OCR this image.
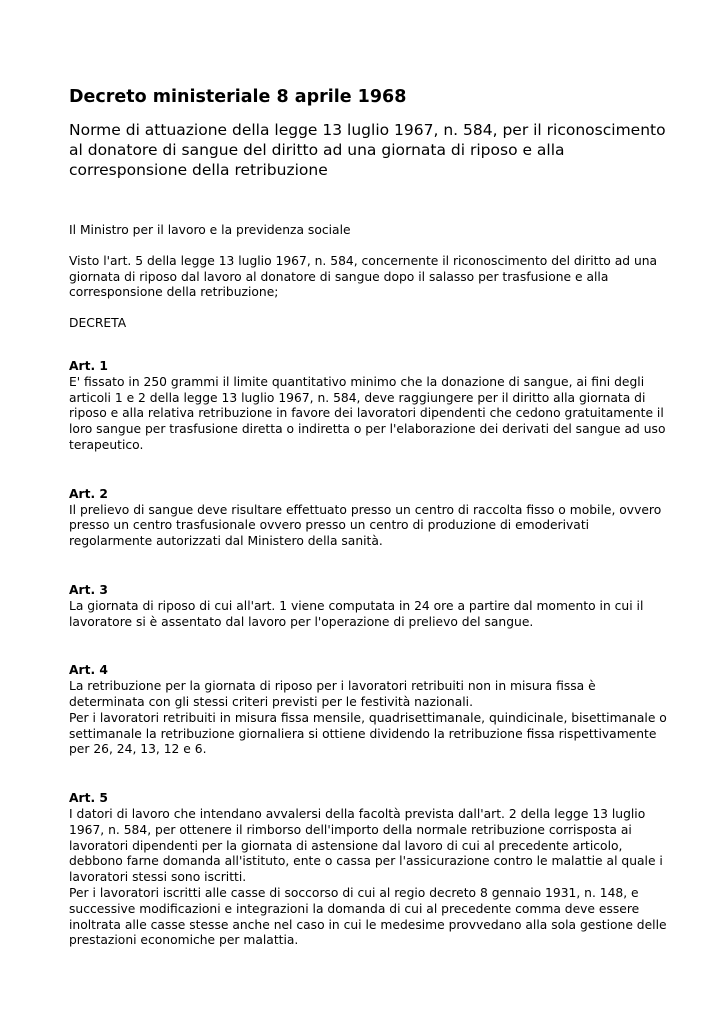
Decreto ministeriale 8 aprile 1968

Norme di attuazione della legge 13 luglio 1967, n. 584, per il riconoscimento al donatore di sangue del diritto ad una giornata di riposo e alla corresponsione della retribuzione

Il Ministro per il lavoro e la previdenza sociale

Visto l'art. 5 della legge 13 luglio 1967, n. 584, concernente il riconoscimento del diritto ad una giornata di riposo dal lavoro al donatore di sangue dopo il salasso per trasfusione e alla corresponsione della retribuzione;

DECRETA

Art. 1

E' fissato in 250 grammi il limite quantitativo minimo che la donazione di sangue, ai fini degli articoli 1 e 2 della legge 13 luglio 1967, n. 584, deve raggiungere per il diritto alla giornata di riposo e alla relativa retribuzione in favore dei lavoratori dipendenti che cedono gratuitamente il loro sangue per trasfusione diretta o indiretta o per l'elaborazione dei derivati del sangue ad uso terapeutico.

Art. 2

Il prelievo di sangue deve risultare effettuato presso un centro di raccolta fisso o mobile, ovvero presso un centro trasfusionale ovvero presso un centro di produzione di emoderivati regolarmente autorizzati dal Ministero della sanità.

Art. 3

La giornata di riposo di cui all'art. 1 viene computata in 24 ore a partire dal momento in cui il lavoratore si è assentato dal lavoro per l'operazione di prelievo del sangue.

Art. 4

La retribuzione per la giornata di riposo per i lavoratori retribuiti non in misura fissa è determinata con gli stessi criteri previsti per le festività nazionali.

Per i lavoratori retribuiti in misura fissa mensile, quadrisettimanale, quindicinale, bisettimanale o settimanale la retribuzione giornaliera si ottiene dividendo la retribuzione fissa rispettivamente per 26, 24, 13, 12 e 6.

Art. 5

I datori di lavoro che intendano avvalersi della facoltà prevista dall'art. 2 della legge 13 luglio 1967, n. 584, per ottenere il rimborso dell'importo della normale retribuzione corrisposta ai lavoratori dipendenti per la giornata di astensione dal lavoro di cui al precedente articolo, debbono farne domanda all'istituto, ente o cassa per l'assicurazione contro le malattie al quale i lavoratori stessi sono iscritti.

Per i lavoratori iscritti alle casse di soccorso di cui al regio decreto 8 gennaio 1931, n. 148, e successive modificazioni e integrazioni la domanda di cui al precedente comma deve essere inoltrata alle casse stesse anche nel caso in cui le medesime provvedano alla sola gestione delle prestazioni economiche per malattia.
